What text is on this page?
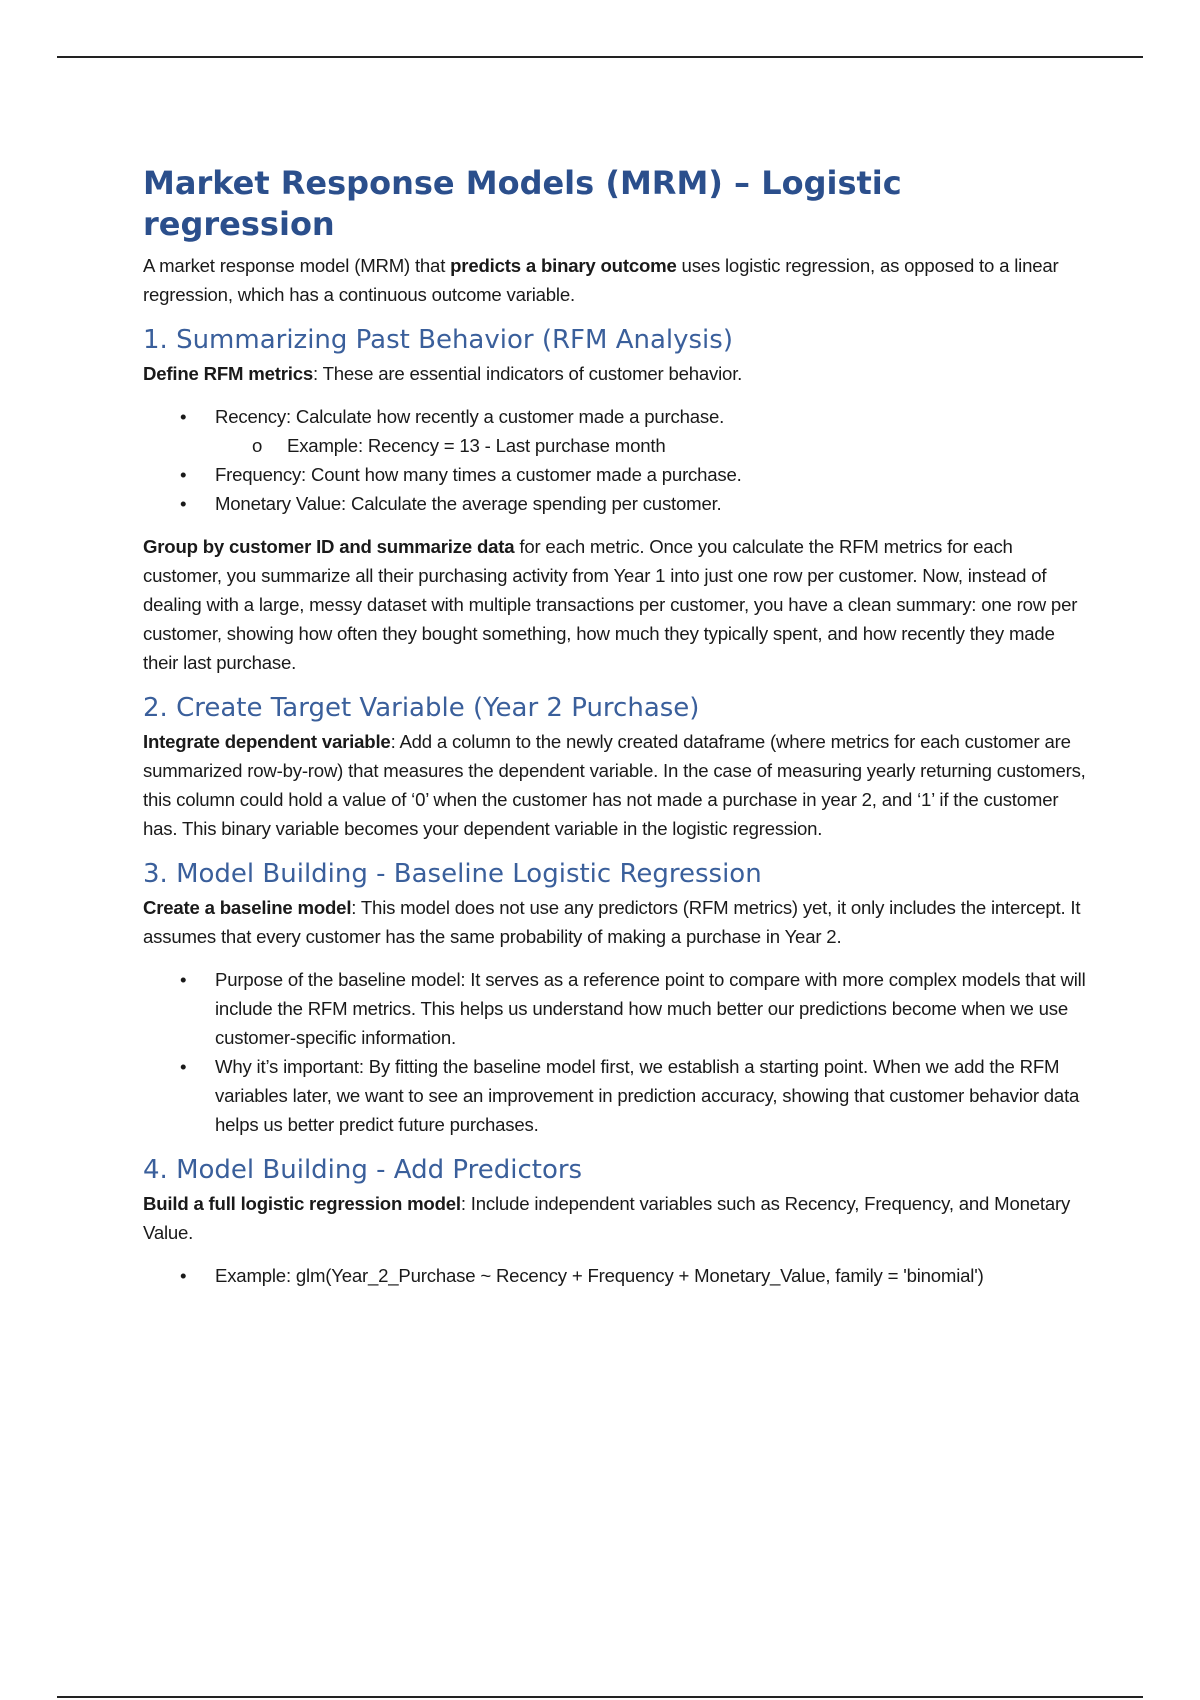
Market Response Models (MRM) – Logistic regression

A market response model (MRM) that predicts a binary outcome uses logistic regression, as opposed to a linear regression, which has a continuous outcome variable.

1. Summarizing Past Behavior (RFM Analysis)

Define RFM metrics: These are essential indicators of customer behavior.

• Recency: Calculate how recently a customer made a purchase.
o Example: Recency = 13 - Last purchase month
• Frequency: Count how many times a customer made a purchase.
• Monetary Value: Calculate the average spending per customer.

Group by customer ID and summarize data for each metric. Once you calculate the RFM metrics for each customer, you summarize all their purchasing activity from Year 1 into just one row per customer. Now, instead of dealing with a large, messy dataset with multiple transactions per customer, you have a clean summary: one row per customer, showing how often they bought something, how much they typically spent, and how recently they made their last purchase.

2. Create Target Variable (Year 2 Purchase)

Integrate dependent variable: Add a column to the newly created dataframe (where metrics for each customer are summarized row-by-row) that measures the dependent variable. In the case of measuring yearly returning customers, this column could hold a value of ‘0’ when the customer has not made a purchase in year 2, and ‘1’ if the customer has. This binary variable becomes your dependent variable in the logistic regression.

3. Model Building - Baseline Logistic Regression

Create a baseline model: This model does not use any predictors (RFM metrics) yet, it only includes the intercept. It assumes that every customer has the same probability of making a purchase in Year 2.

• Purpose of the baseline model: It serves as a reference point to compare with more complex models that will include the RFM metrics. This helps us understand how much better our predictions become when we use customer-specific information.
• Why it’s important: By fitting the baseline model first, we establish a starting point. When we add the RFM variables later, we want to see an improvement in prediction accuracy, showing that customer behavior data helps us better predict future purchases.
4. Model Building - Add Predictors

Build a full logistic regression model: Include independent variables such as Recency, Frequency, and Monetary Value.

• Example: glm(Year_2_Purchase ~ Recency + Frequency + Monetary_Value, family = 'binomial')
